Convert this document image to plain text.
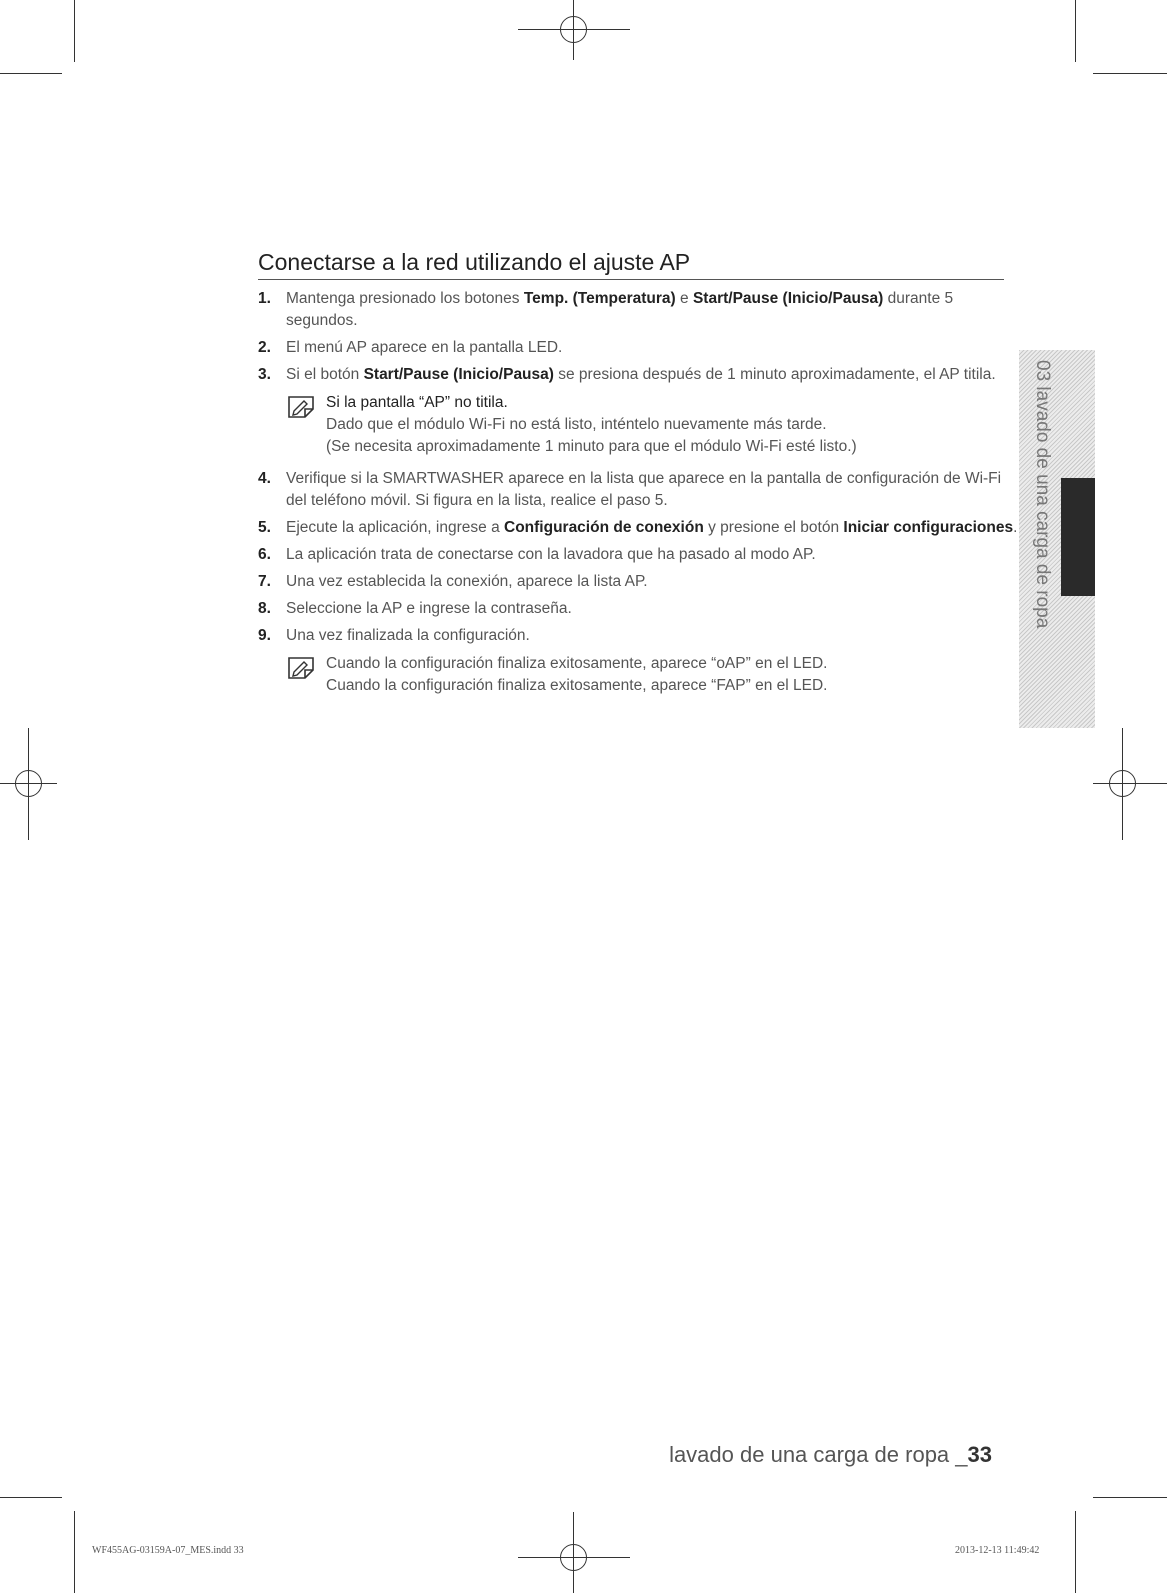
Conectarse a la red utilizando el ajuste AP
1. Mantenga presionado los botones Temp. (Temperatura) e Start/Pause (Inicio/Pausa) durante 5 segundos.
2. El menú AP aparece en la pantalla LED.
3. Si el botón Start/Pause (Inicio/Pausa) se presiona después de 1 minuto aproximadamente, el AP titila.
Si la pantalla “AP” no titila.
Dado que el módulo Wi-Fi no está listo, inténtelo nuevamente más tarde.
(Se necesita aproximadamente 1 minuto para que el módulo Wi-Fi esté listo.)
4. Verifique si la SMARTWASHER aparece en la lista que aparece en la pantalla de configuración de Wi-Fi del teléfono móvil. Si figura en la lista, realice el paso 5.
5. Ejecute la aplicación, ingrese a Configuración de conexión y presione el botón Iniciar configuraciones.
6. La aplicación trata de conectarse con la lavadora que ha pasado al modo AP.
7. Una vez establecida la conexión, aparece la lista AP.
8. Seleccione la AP e ingrese la contraseña.
9. Una vez finalizada la configuración.
Cuando la configuración finaliza exitosamente, aparece “oAP” en el LED.
Cuando la configuración finaliza exitosamente, aparece “FAP” en el LED.
03 lavado de una carga de ropa
lavado de una carga de ropa _33
WF455AG-03159A-07_MES.indd 33	2013-12-13 11:49:42
